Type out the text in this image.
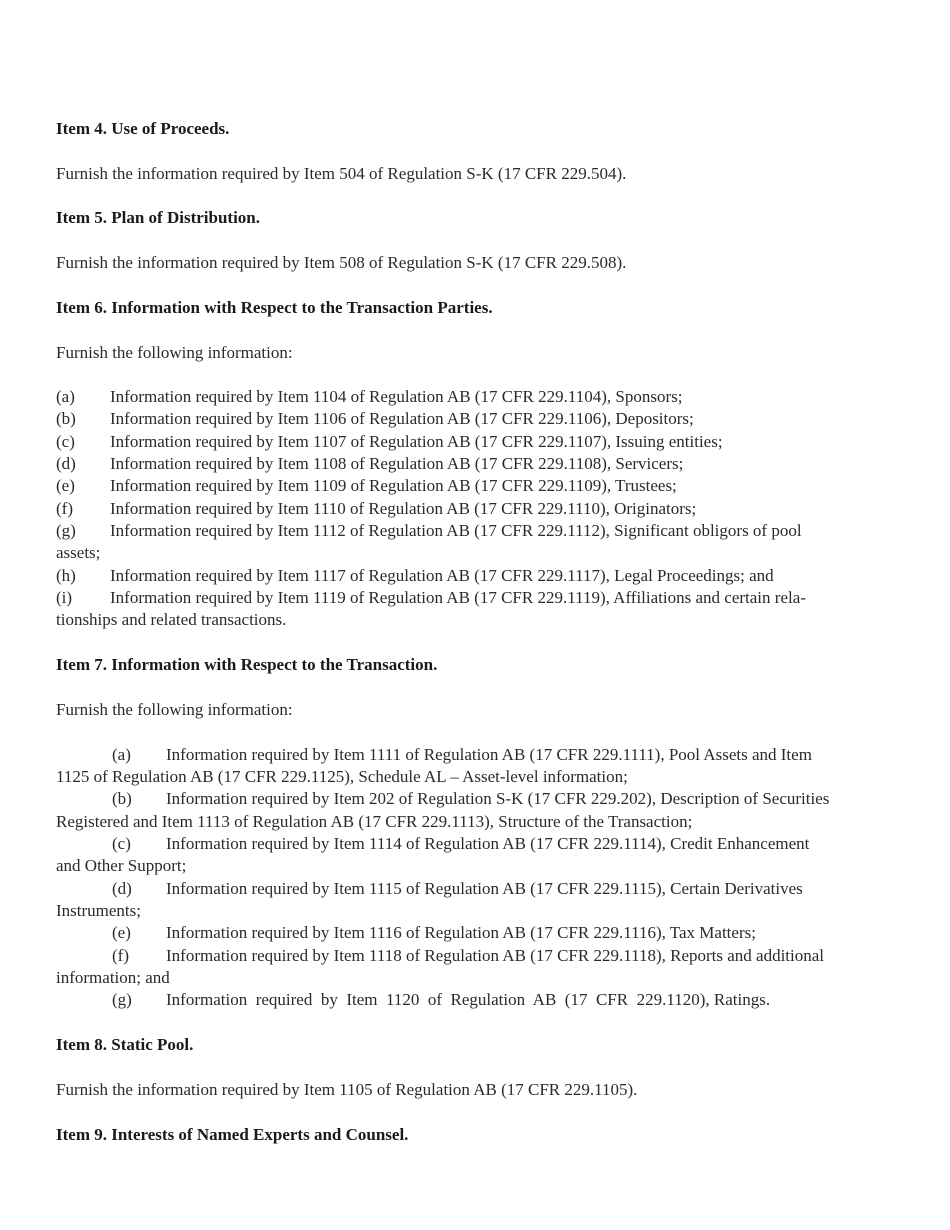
Item 4. Use of Proceeds.
Furnish the information required by Item 504 of Regulation S-K (17 CFR 229.504).
Item 5. Plan of Distribution.
Furnish the information required by Item 508 of Regulation S-K (17 CFR 229.508).
Item 6. Information with Respect to the Transaction Parties.
Furnish the following information:
(a) Information required by Item 1104 of Regulation AB (17 CFR 229.1104), Sponsors;
(b) Information required by Item 1106 of Regulation AB (17 CFR 229.1106), Depositors;
(c) Information required by Item 1107 of Regulation AB (17 CFR 229.1107), Issuing entities;
(d) Information required by Item 1108 of Regulation AB (17 CFR 229.1108), Servicers;
(e) Information required by Item 1109 of Regulation AB (17 CFR 229.1109), Trustees;
(f) Information required by Item 1110 of Regulation AB (17 CFR 229.1110), Originators;
(g) Information required by Item 1112 of Regulation AB (17 CFR 229.1112), Significant obligors of pool
assets;
(h) Information required by Item 1117 of Regulation AB (17 CFR 229.1117), Legal Proceedings; and
(i) Information required by Item 1119 of Regulation AB (17 CFR 229.1119), Affiliations and certain rela-
tionships and related transactions.
Item 7. Information with Respect to the Transaction.
Furnish the following information:
(a) Information required by Item 1111 of Regulation AB (17 CFR 229.1111), Pool Assets and Item
1125 of Regulation AB (17 CFR 229.1125), Schedule AL – Asset-level information;
(b) Information required by Item 202 of Regulation S-K (17 CFR 229.202), Description of Securities
Registered and Item 1113 of Regulation AB (17 CFR 229.1113), Structure of the Transaction;
(c) Information required by Item 1114 of Regulation AB (17 CFR 229.1114), Credit Enhancement
and Other Support;
(d) Information required by Item 1115 of Regulation AB (17 CFR 229.1115), Certain Derivatives
Instruments;
(e) Information required by Item 1116 of Regulation AB (17 CFR 229.1116), Tax Matters;
(f) Information required by Item 1118 of Regulation AB (17 CFR 229.1118), Reports and additional
information; and
(g) Information  required  by  Item  1120  of  Regulation  AB  (17  CFR  229.1120), Ratings.
Item 8. Static Pool.
Furnish the information required by Item 1105 of Regulation AB (17 CFR 229.1105).
Item 9. Interests of Named Experts and Counsel.
